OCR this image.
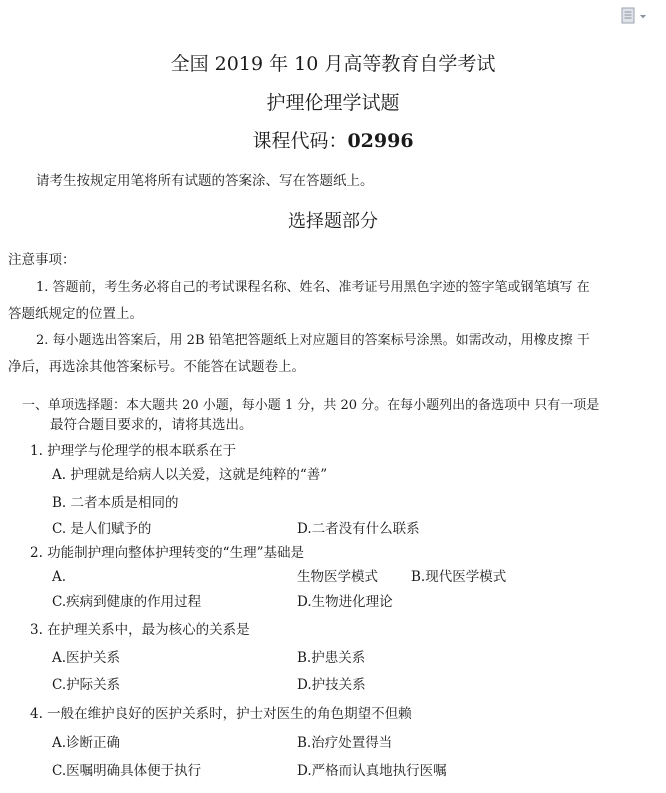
全国 2019 年 10 月高等教育自学考试
护理伦理学试题
课程代码：02996
请考生按规定用笔将所有试题的答案涂、写在答题纸上。
选择题部分
注意事项：
1. 答题前，考生务必将自己的考试课程名称、姓名、准考证号用黑色字迹的签字笔或钢笔填写 在
答题纸规定的位置上。
2. 每小题选出答案后，用 2B 铅笔把答题纸上对应题目的答案标号涂黑。如需改动，用橡皮擦 干
净后，再选涂其他答案标号。不能答在试题卷上。
一、单项选择题：本大题共 20 小题，每小题 1 分，共 20 分。在每小题列出的备选项中 只有一项是
最符合题目要求的，请将其选出。
1. 护理学与伦理学的根本联系在于
A. 护理就是给病人以关爱，这就是纯粹的“善”
B. 二者本质是相同的
C. 是人们赋予的	D.二者没有什么联系
2. 功能制护理向整体护理转变的“生理”基础是
A.	生物医学模式 B.现代医学模式
C.疾病到健康的作用过程	D.生物进化理论
3. 在护理关系中，最为核心的关系是
A.医护关系	B.护患关系
C.护际关系	D.护技关系
4. 一般在维护良好的医护关系时，护士对医生的角色期望不但赖
A.诊断正确	B.治疗处置得当
C.医嘱明确具体便于执行	D.严格而认真地执行医嘱
